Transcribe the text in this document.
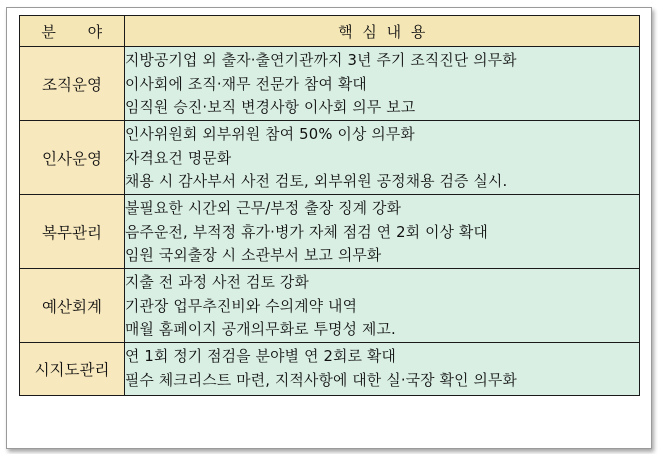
분 야	핵 심 내 용
조직운영	지방공기업 외 출자·출연기관까지 3년 주기 조직진단 의무화
이사회에 조직·재무 전문가 참여 확대
임직원 승진·보직 변경사항 이사회 의무 보고

인사운영	인사위원회 외부위원 참여 50% 이상 의무화
자격요건 명문화
채용 시 감사부서 사전 검토, 외부위원 공정채용 검증 실시.

복무관리	불필요한 시간외 근무/부정 출장 징계 강화
음주운전, 부적정 휴가·병가 자체 점검 연 2회 이상 확대
임원 국외출장 시 소관부서 보고 의무화

예산회계	지출 전 과정 사전 검토 강화
기관장 업무추진비와 수의계약 내역
매월 홈페이지 공개의무화로 투명성 제고.

시지도관리	연 1회 정기 점검을 분야별 연 2회로 확대
필수 체크리스트 마련, 지적사항에 대한 실·국장 확인 의무화
